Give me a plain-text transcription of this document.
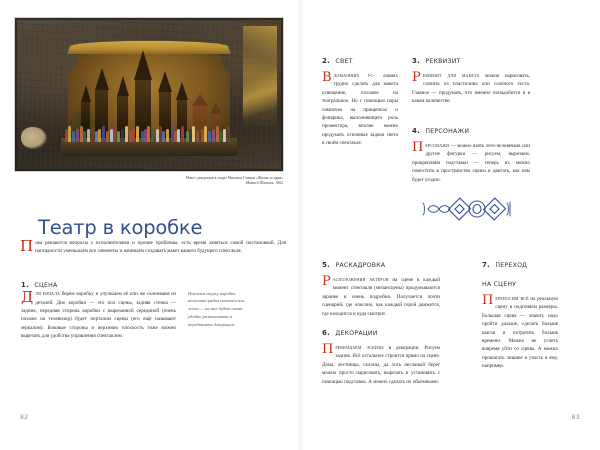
Макет декорации к опере Михаила Глинки «Жизнь за царя»
Матвей Шишков, 1862
Театр в коробке

Пока решаются вопросы с исполнителями и прочие проблемы, есть время заняться самой постановкой. Для наглядности уменьшаем все элементы и начинаем создавать макет вашего будущего спектакля.

1. СЦЕНА

Для начала берём коробку и улучшаем её или же склеиваем из деталей. Дно коробки — это пол сцены, задняя стенка — задник, передняя сторона коробки с вырезанной серединой (очень похоже на телевизор) будет порталом сцены (его ещё называют зеркалом). Боковые стороны и верхнюю плоскость тоже можно вырезать для удобства управления спектаклем.

Наклеим сверху коробки несколько рядов скотчем или лески — на них будет очень удобно развешивать и передвигать декорации.

82
2. СВЕТ

Вдомашних ус- ловиях трудно сделать для макета освещение, похожее на театральное. Но с помощью пары лампочек на прищепках и фонарика, выполняющего роль прожектора, вполне можно продумать основные задачи света в своём спектакле.

3. РЕКВИЗИТ

Реквизит для макета можно нарисовать, слепить из пластилина или солёного теста. Главное — продумать, что именно понадобится и в каком количестве.

4. ПЕРСОНАЖИ

Персонажи — можно взять лего-человечков или другие фигурки — рисуем, вырезаем, прикрепляем подставки — теперь их можно поместить в пространство сцены и двигать, как нам будет угодно.

5. РАСКАДРОВКА

Расположения актёров на сцене в каждый момент спектакля (мизансцены) продумываются заранее и очень подробно. Получается почти сценарий, где описано, как каждый герой движется, где находится и куда смотрит.

6. ДЕКОРАЦИИ

Превращаем эскизы в декорации. Рисуем задник. Всё остальное строится прямо на сцене. Дома, лестницы, склоны, да хоть песчаный берег можно просто нарисовать, вырезать и установить с помощью подставок. А можно сделать их объёмными.

7. ПЕРЕХОД
НА СЦЕНУ

Переносим всё на реальную сцену и подгоняем размеры. Большая сцена — значит, надо пройти дальше, сделать больше шагов и потратить больше времени. Можно не успеть вовремя уйти со сцены. А можно прошагать лишнее и упасть в яму, например.

83
